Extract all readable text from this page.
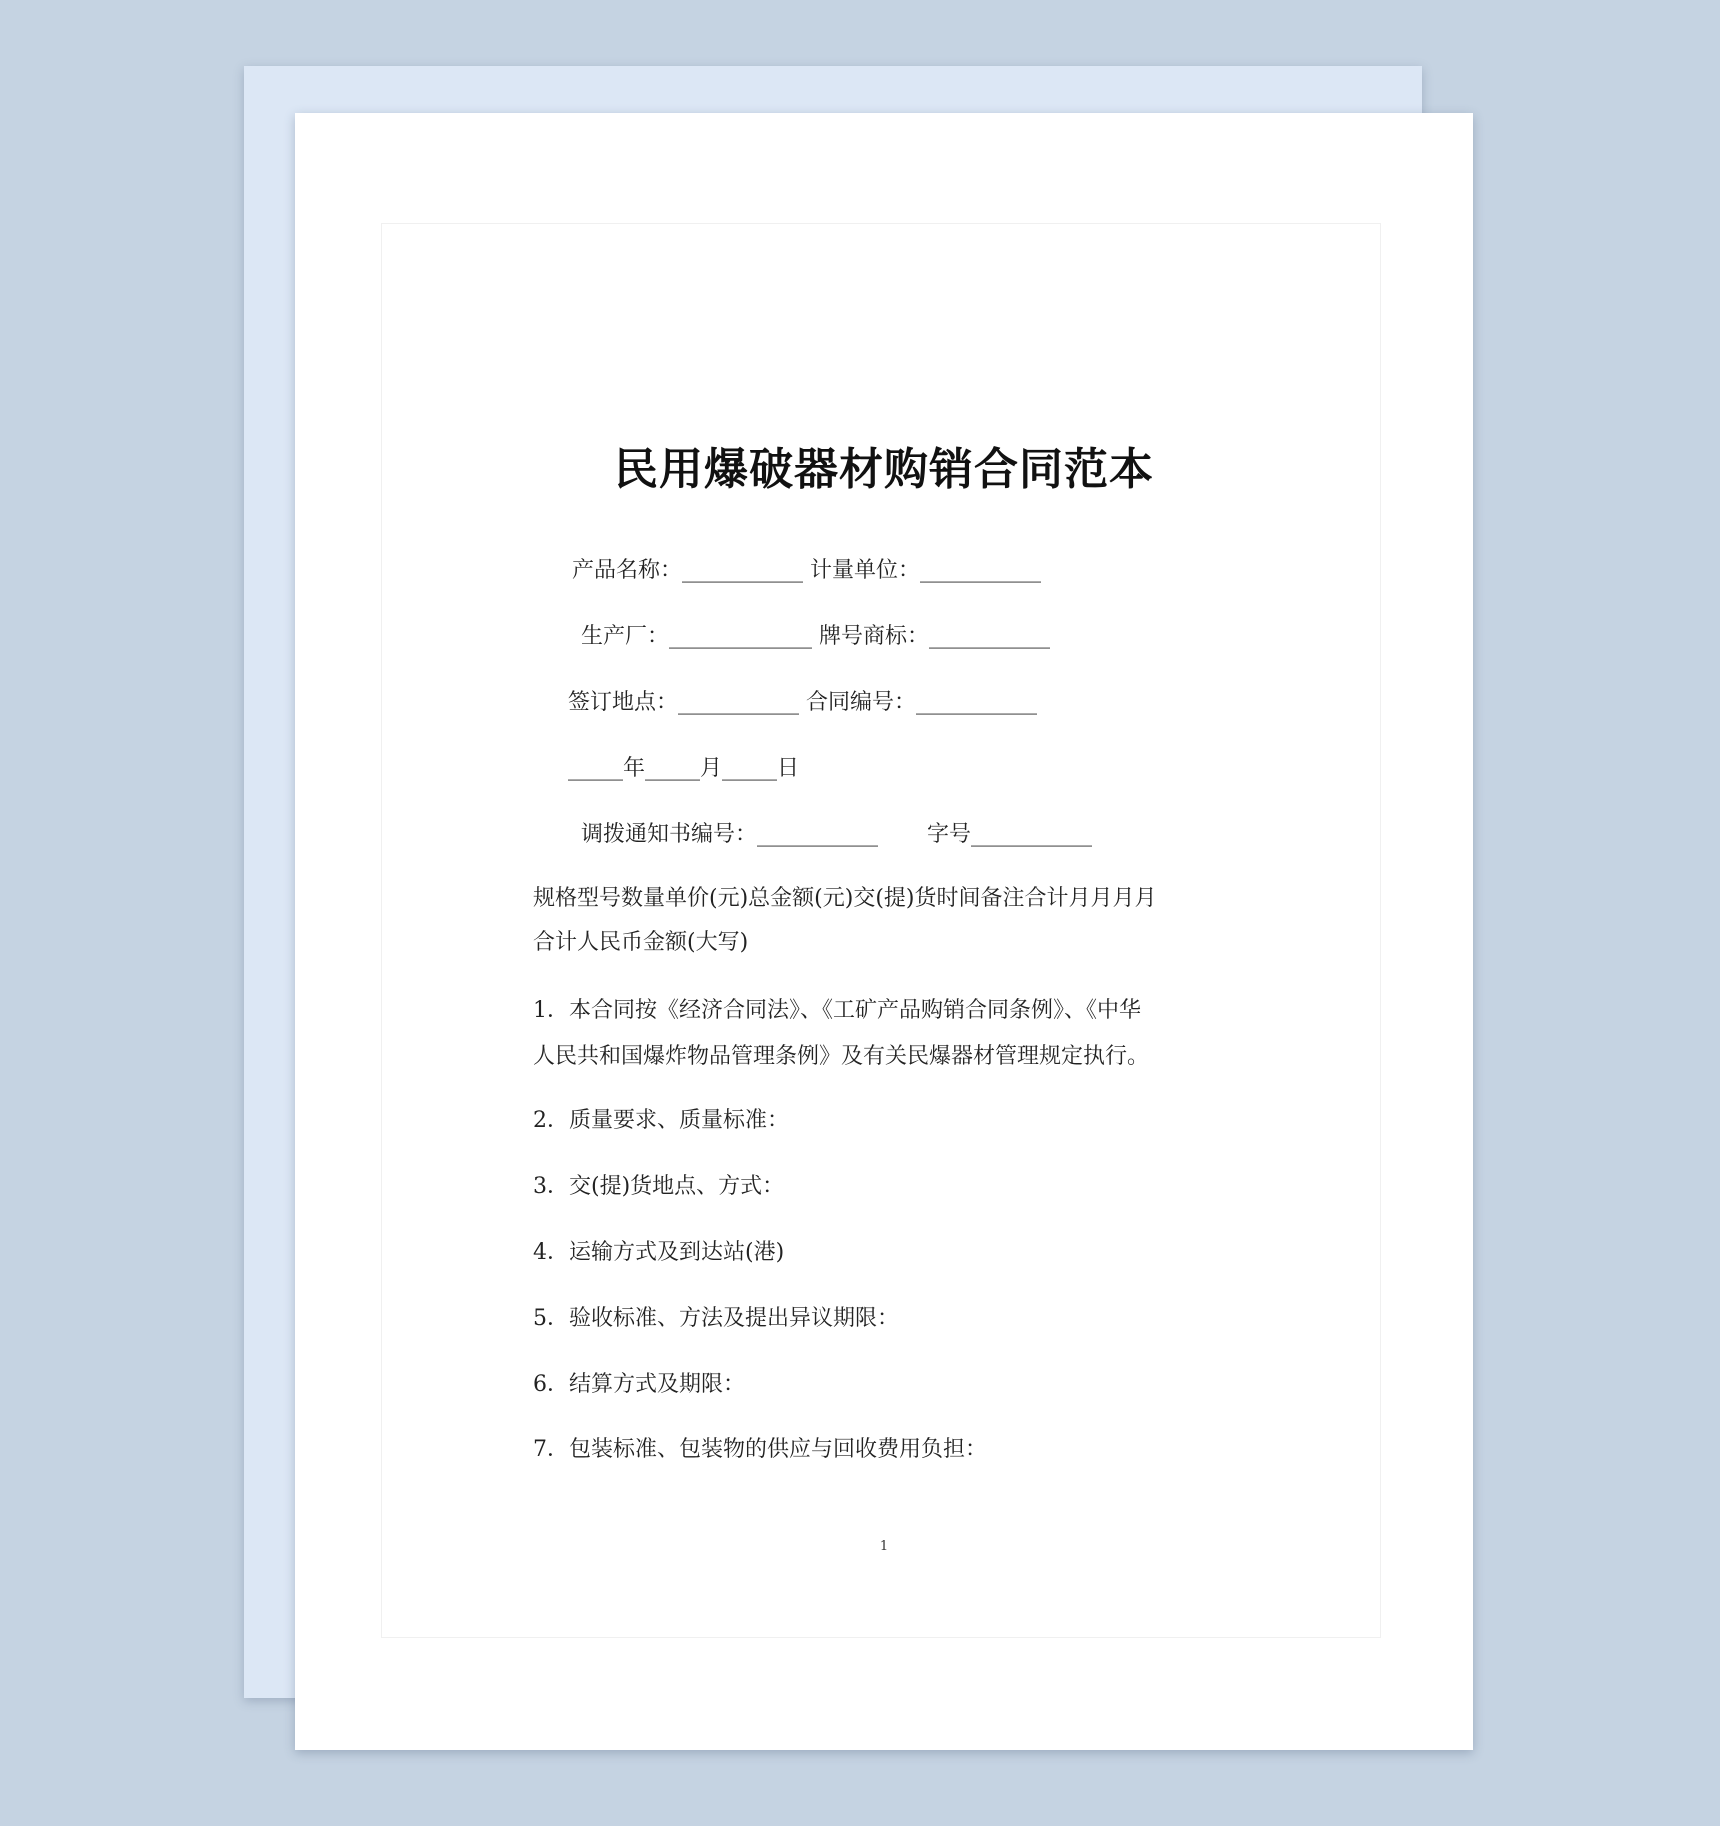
民用爆破器材购销合同范本
产品名称：___________ 计量单位：___________
生产厂：_____________ 牌号商标：___________
签订地点：___________ 合同编号：___________
_____年_____月_____日
调拨通知书编号：___________       字号___________
规格型号数量单价(元)总金额(元)交(提)货时间备注合计月月月月
合计人民币金额(大写)
1．本合同按《经济合同法》、《工矿产品购销合同条例》、《中华
人民共和国爆炸物品管理条例》及有关民爆器材管理规定执行。
2．质量要求、质量标准：
3．交(提)货地点、方式：
4．运输方式及到达站(港)
5．验收标准、方法及提出异议期限：
6．结算方式及期限：
7．包装标准、包装物的供应与回收费用负担：
1
